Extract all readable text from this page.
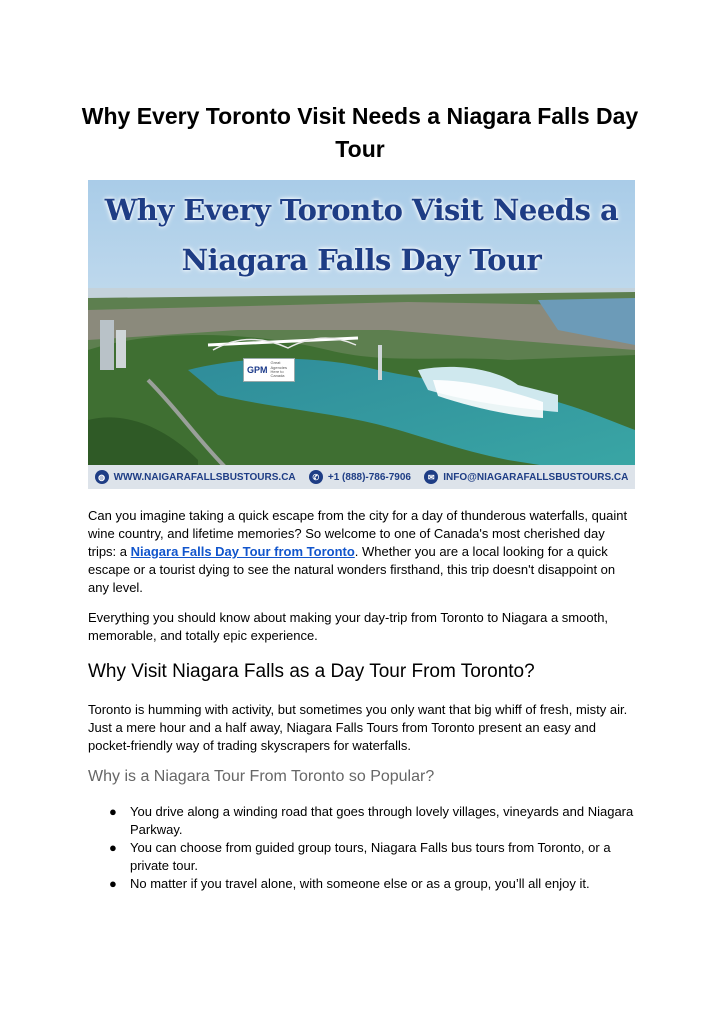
Why Every Toronto Visit Needs a Niagara Falls Day Tour
Why Every Toronto Visit Needs a
Niagara Falls Day Tour
GPM
Great Agencies Here to Canada
◍ WWW.NAIGARAFALLSBUSTOURS.CA	✆ +1 (888)-786-7906	✉ INFO@NIAGARAFALLSBUSTOURS.CA
Can you imagine taking a quick escape from the city for a day of thunderous waterfalls, quaint wine country, and lifetime memories? So welcome to one of Canada's most cherished day trips: a Niagara Falls Day Tour from Toronto. Whether you are a local looking for a quick escape or a tourist dying to see the natural wonders firsthand, this trip doesn't disappoint on any level.
Everything you should know about making your day-trip from Toronto to Niagara a smooth, memorable, and totally epic experience.
Why Visit Niagara Falls as a Day Tour From Toronto?
Toronto is humming with activity, but sometimes you only want that big whiff of fresh, misty air. Just a mere hour and a half away, Niagara Falls Tours from Toronto present an easy and pocket-friendly way of trading skyscrapers for waterfalls.
Why is a Niagara Tour From Toronto so Popular?
● You drive along a winding road that goes through lovely villages, vineyards and Niagara Parkway.
● You can choose from guided group tours, Niagara Falls bus tours from Toronto, or a private tour.
● No matter if you travel alone, with someone else or as a group, you’ll all enjoy it.
